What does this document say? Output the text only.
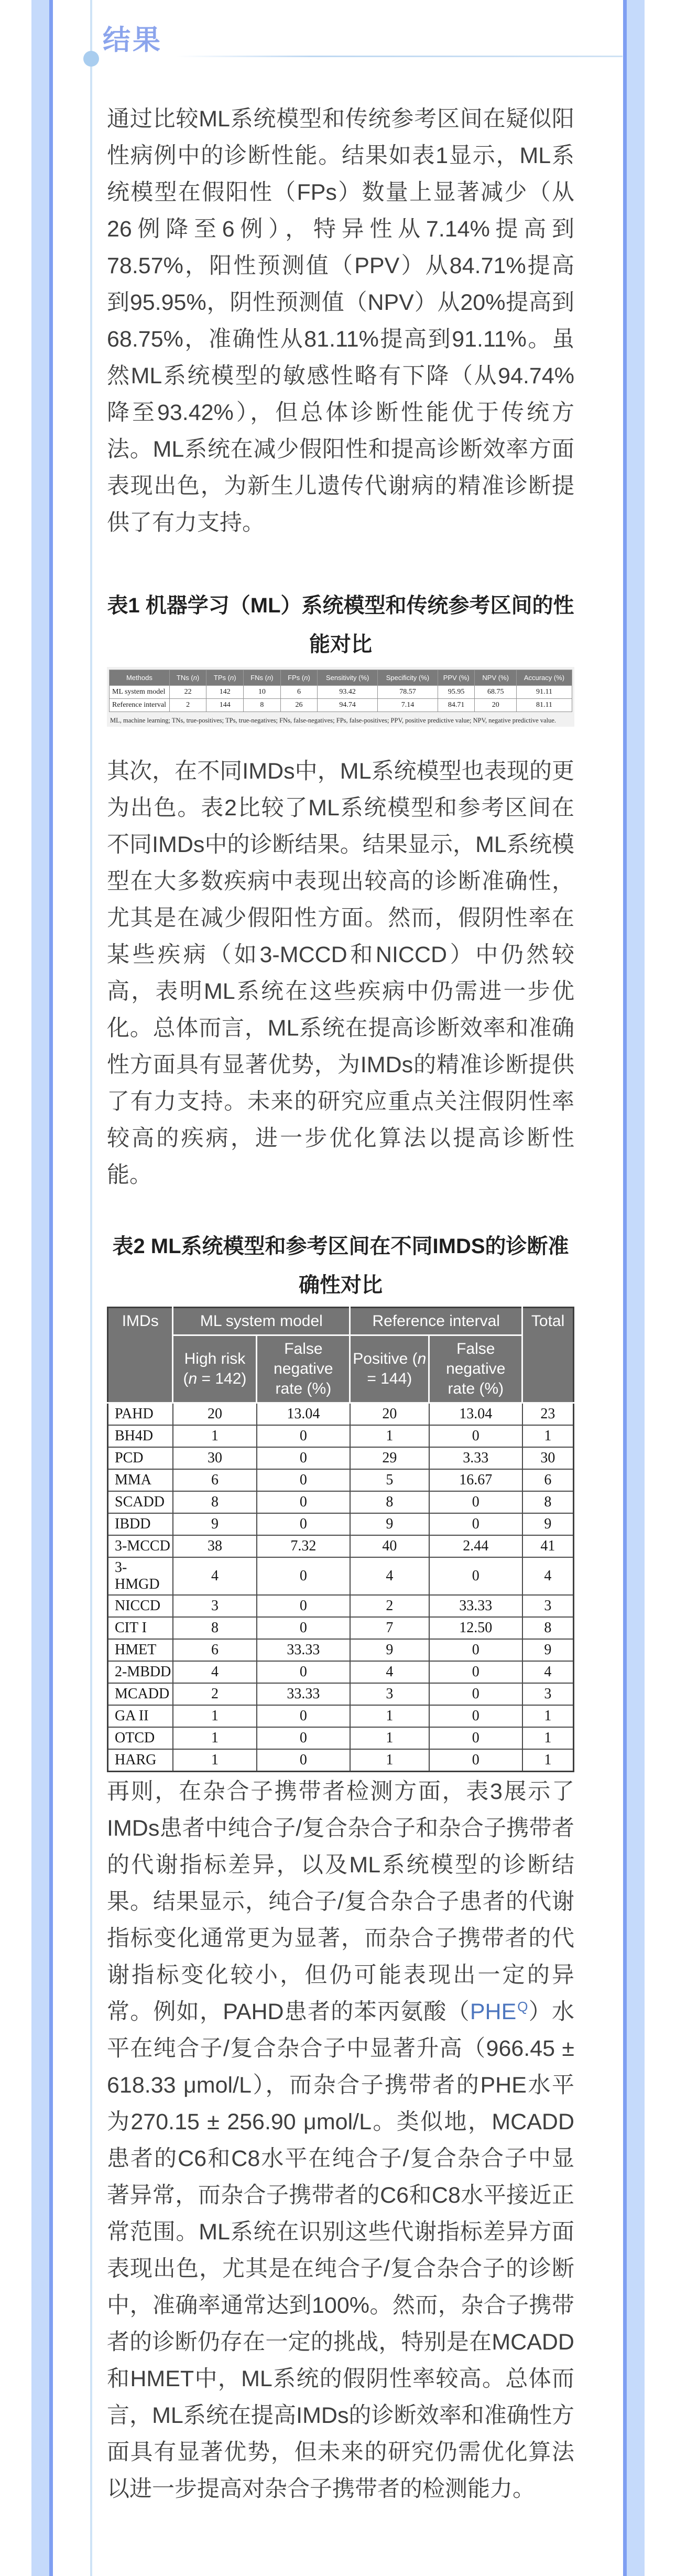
结果

通过比较ML系统模型和传统参考区间在疑似阳性病例中的诊断性能。结果如表1显示，ML系统模型在假阳性（FPs）数量上显著减少（从26例降至6例），特异性从7.14%提高到78.57%，阳性预测值（PPV）从84.71%提高到95.95%，阴性预测值（NPV）从20%提高到68.75%，准确性从81.11%提高到91.11%。虽然ML系统模型的敏感性略有下降（从94.74%降至93.42%），但总体诊断性能优于传统方法。ML系统在减少假阳性和提高诊断效率方面表现出色，为新生儿遗传代谢病的精准诊断提供了有力支持。

表1 机器学习（ML）系统模型和传统参考区间的性能对比

Methods	TNs (n)	TPs (n)	FNs (n)	FPs (n)	Sensitivity (%)	Specificity (%)	PPV (%)	NPV (%)	Accuracy (%)
ML system model	22	142	10	6	93.42	78.57	95.95	68.75	91.11
Reference interval	2	144	8	26	94.74	7.14	84.71	20	81.11
ML, machine learning; TNs, true-positives; TPs, true-negatives; FNs, false-negatives; FPs, false-positives; PPV, positive predictive value; NPV, negative predictive value.

其次，在不同IMDs中，ML系统模型也表现的更为出色。表2比较了ML系统模型和参考区间在不同IMDs中的诊断结果。结果显示，ML系统模型在大多数疾病中表现出较高的诊断准确性，尤其是在减少假阳性方面。然而，假阴性率在某些疾病（如3-MCCD和NICCD）中仍然较高，表明ML系统在这些疾病中仍需进一步优化。总体而言，ML系统在提高诊断效率和准确性方面具有显著优势，为IMDs的精准诊断提供了有力支持。未来的研究应重点关注假阴性率较高的疾病，进一步优化算法以提高诊断性能。

表2 ML系统模型和参考区间在不同IMDS的诊断准确性对比

IMDs	ML system model		Reference interval		Total
	High risk (n = 142)	False negative rate (%)	Positive (n = 144)	False negative rate (%)	
PAHD	20	13.04	20	13.04	23
BH4D	1	0	1	0	1
PCD	30	0	29	3.33	30
MMA	6	0	5	16.67	6
SCADD	8	0	8	0	8
IBDD	9	0	9	0	9
3-MCCD	38	7.32	40	2.44	41
3-HMGD	4	0	4	0	4
NICCD	3	0	2	33.33	3
CIT I	8	0	7	12.50	8
HMET	6	33.33	9	0	9
2-MBDD	4	0	4	0	4
MCADD	2	33.33	3	0	3
GA II	1	0	1	0	1
OTCD	1	0	1	0	1
HARG	1	0	1	0	1

再则，在杂合子携带者检测方面，表3展示了IMDs患者中纯合子/复合杂合子和杂合子携带者的代谢指标差异，以及ML系统模型的诊断结果。结果显示，纯合子/复合杂合子患者的代谢指标变化通常更为显著，而杂合子携带者的代谢指标变化较小，但仍可能表现出一定的异常。例如，PAHD患者的苯丙氨酸$(PHE^Q)$水平在纯合子/复合杂合子中显著升高（966.45 ± 618.33 μmol/L），而杂合子携带者的PHE水平为270.15 ± 256.90 μmol/L。类似地，MCADD患者的C6和C8水平在纯合子/复合杂合子中显著异常，而杂合子携带者的C6和C8水平接近正常范围。ML系统在识别这些代谢指标差异方面表现出色，尤其是在纯合子/复合杂合子的诊断中，准确率通常达到100%。然而，杂合子携带者的诊断仍存在一定的挑战，特别是在MCADD和HMET中，ML系统的假阴性率较高。总体而言，ML系统在提高IMDs的诊断效率和准确性方面具有显著优势，但未来的研究仍需优化算法以进一步提高对杂合子携带者的检测能力。
